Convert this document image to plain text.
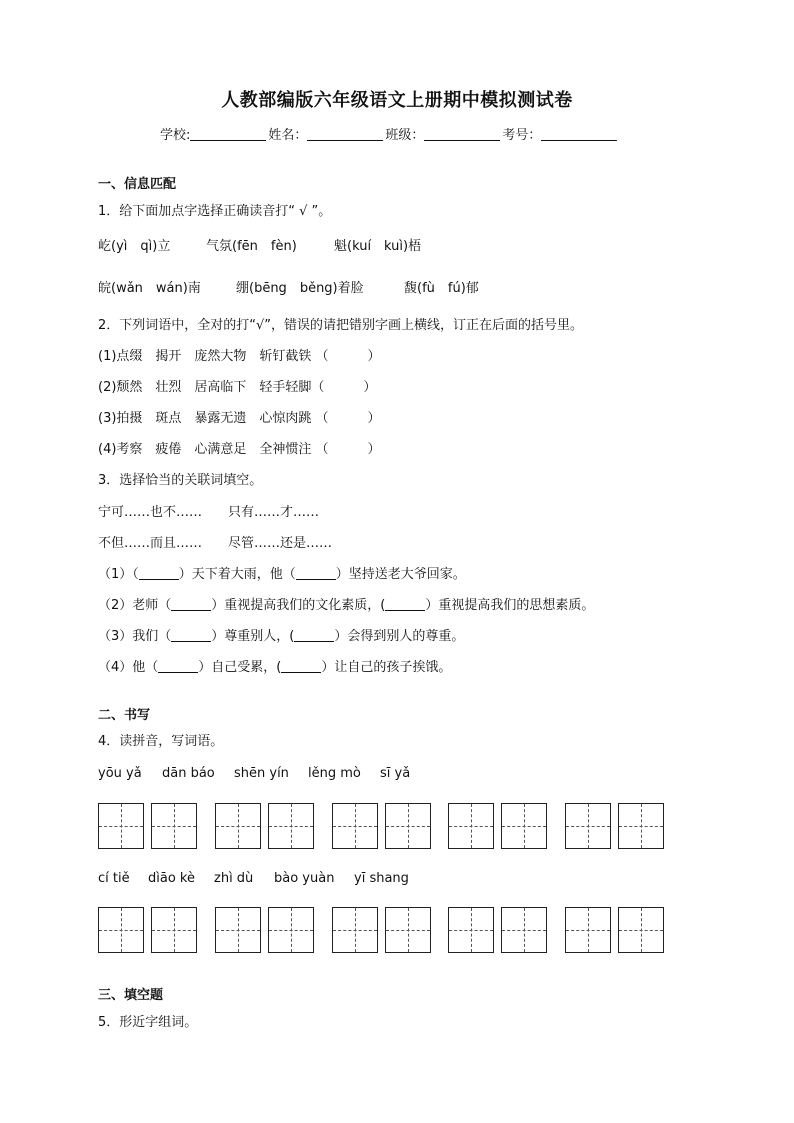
人教部编版六年级语文上册期中模拟测试卷
学校:	姓名：	班级：	考号：
一、信息匹配
1．给下面加点字选择正确读音打“ √ ”。
屹(yì　qì)立	气氛(fēn　fèn)	魁(kuí　kuì)梧
皖(wǎn　wán)南	绷(bēng　běng)着脸	馥(fù　fú)郁
2．下列词语中，全对的打“√”，错误的请把错别字画上横线，订正在后面的括号里。
(1)点缀　揭开　庞然大物　斩钉截铁 （　　　）
(2)颓然　壮烈　居高临下　轻手轻脚（　　　）
(3)拍摄　斑点　暴露无遗　心惊肉跳 （　　　）
(4)考察　疲倦　心满意足　全神惯注 （　　　）
3．选择恰当的关联词填空。
宁可……也不……　　只有……才……
不但……而且……　　尽管……还是……
（1）（	）天下着大雨，他（	）坚持送老大爷回家。
（2）老师（	）重视提高我们的文化素质，(	）重视提高我们的思想素质。
（3）我们（	）尊重别人，(	）会得到别人的尊重。
（4）他（	）自己受累，(	）让自己的孩子挨饿。
二、书写
4．读拼音，写词语。
yōu yǎ dān báo shēn yín lěng mò sī yǎ
cí tiě dìāo kè zhì dù bào yuàn yī shang
三、填空题
5．形近字组词。
